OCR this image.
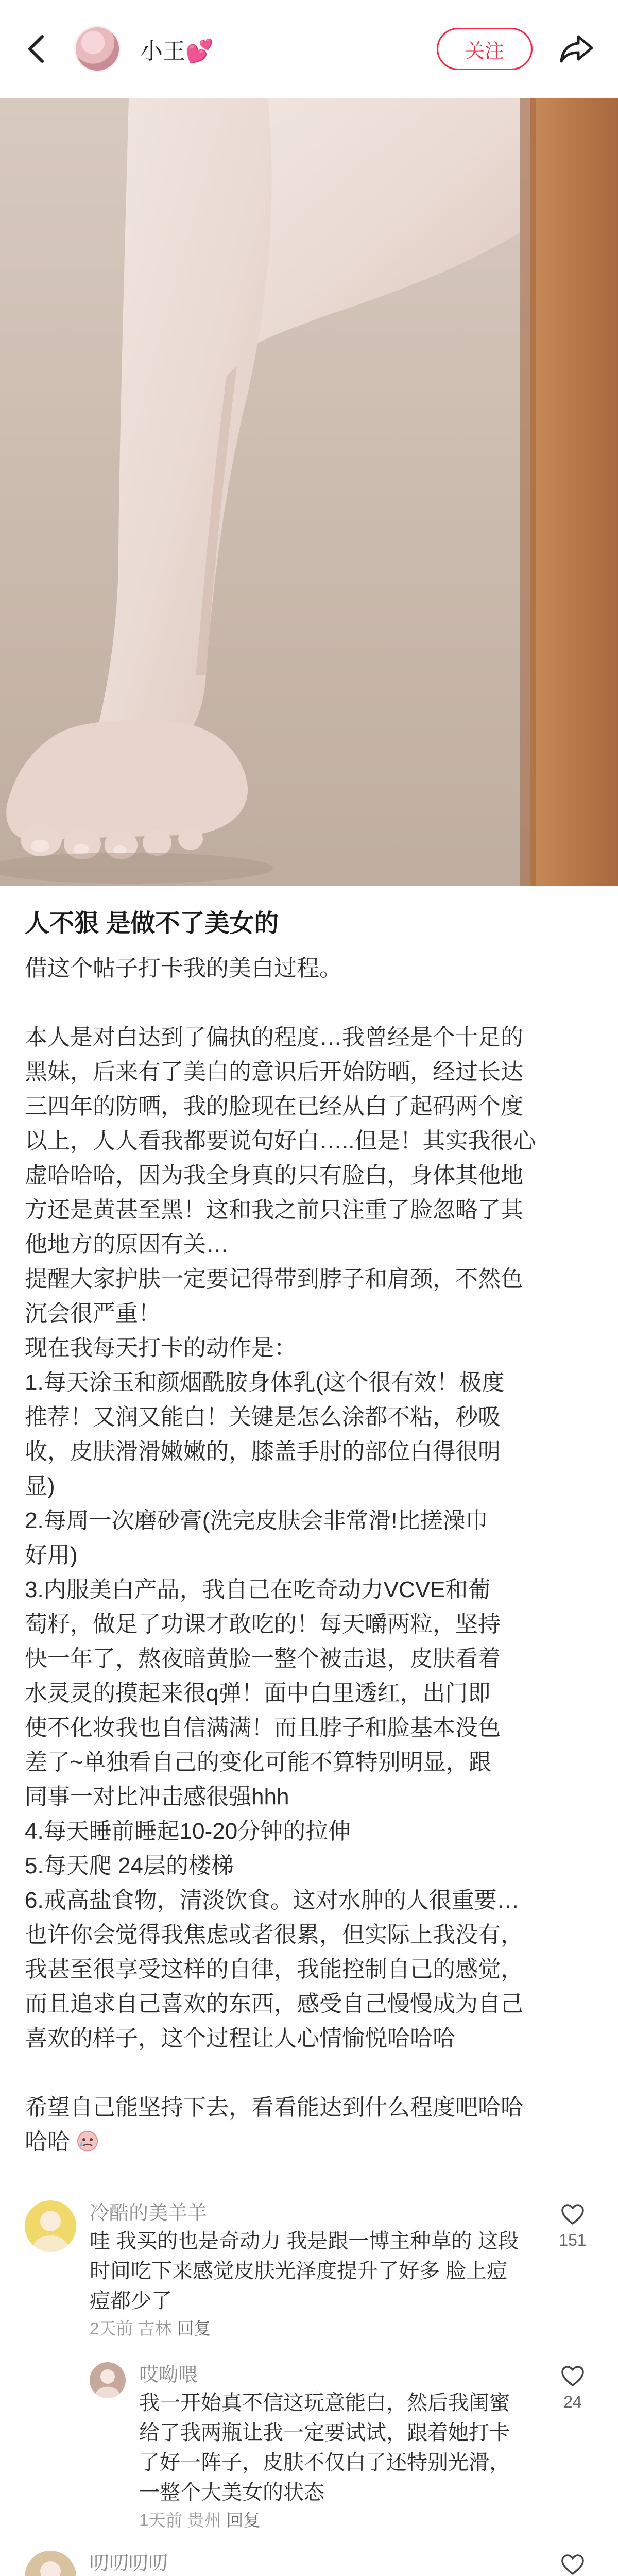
小王💕	关注
人不狠 是做不了美女的
借这个帖子打卡我的美白过程。
本人是对白达到了偏执的程度…我曾经是个十足的
黑妹，后来有了美白的意识后开始防晒，经过长达
三四年的防晒，我的脸现在已经从白了起码两个度
以上，人人看我都要说句好白…..但是！其实我很心
虚哈哈哈，因为我全身真的只有脸白，身体其他地
方还是黄甚至黑！这和我之前只注重了脸忽略了其
他地方的原因有关…
提醒大家护肤一定要记得带到脖子和肩颈，不然色
沉会很严重！
现在我每天打卡的动作是：
1.每天涂玉和颜烟酰胺身体乳(这个很有效！极度
推荐！又润又能白！关键是怎么涂都不粘，秒吸
收，皮肤滑滑嫩嫩的，膝盖手肘的部位白得很明
显)
2.每周一次磨砂膏(洗完皮肤会非常滑!比搓澡巾
好用)
3.内服美白产品，我自己在吃奇动力VCVE和葡
萄籽，做足了功课才敢吃的！每天嚼两粒，坚持
快一年了，熬夜暗黄脸一整个被击退，皮肤看着
水灵灵的摸起来很q弹！面中白里透红，出门即
使不化妆我也自信满满！而且脖子和脸基本没色
差了~单独看自己的变化可能不算特别明显，跟
同事一对比冲击感很强hhh
4.每天睡前睡起10-20分钟的拉伸
5.每天爬 24层的楼梯
6.戒高盐食物，清淡饮食。这对水肿的人很重要…
也许你会觉得我焦虑或者很累，但实际上我没有，
我甚至很享受这样的自律，我能控制自己的感觉，
而且追求自己喜欢的东西，感受自己慢慢成为自己
喜欢的样子，这个过程让人心情愉悦哈哈哈
希望自己能坚持下去，看看能达到什么程度吧哈哈
哈哈
冷酷的美羊羊
哇 我买的也是奇动力 我是跟一博主种草的 这段时间吃下来感觉皮肤光泽度提升了好多 脸上痘痘都少了
2天前 吉林 回复
151
哎呦喂
我一开始真不信这玩意能白，然后我闺蜜给了我两瓶让我一定要试试，跟着她打卡了好一阵子，皮肤不仅白了还特别光滑，一整个大美女的状态
1天前 贵州 回复
24
叨叨叨叨
